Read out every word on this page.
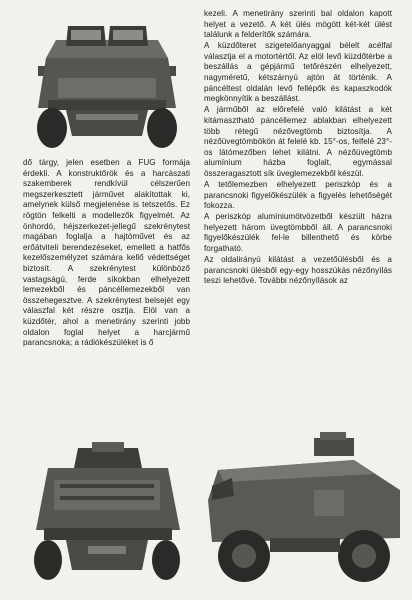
dő tárgy, jelen esetben a FUG formája érdekli. A konstruktőrök és a harcászati szakemberek rendkívül célszerűen megszerkesztett járművet alakítottak ki, amelynek külső megjelenése is tetszetős. Ez rögtön felkelti a modellezők figyelmét. Az önhordó, héjszerkezet-jellegű szekrénytest magában foglalja a hajtóművet és az erőátviteli berendezéseket, emellett a hatfős kezelőszemélyzet számára kellő védettséget biztosít. A szekrénytest különböző vastagságú, ferde síkokban elhelyezett lemezekből és páncéllemezekből van összehegesztve. A szekrénytest belsejét egy válaszfal két részre osztja. Elöl van a küzdőtér, ahol a menetirány szerinti jobb oldalon foglal helyet a harcjármű parancsnoka; a rádiókészüléket is ő

kezeli. A menetirány szerinti bal oldalon kapott helyet a vezető. A két ülés mögött két-két ülést találunk a felderítők számára.

A küzdőteret szigetelőanyaggal bélelt acélfal választja el a motortértől. Az elöl levő küzdőtérbe a beszállás a gépjármű tetőrészén elhelyezett, nagyméretű, kétszárnyú ajtón át történik. A páncéltest oldalán levő fellépők és kapaszkodók megkönnyítik a beszállást.

A járműből az előrefelé való kilátást a két kitámasztható páncéllemez ablakban elhelyezett több rétegű nézővegtömb biztosítja. A nézőüvegtömbökön át felelé kb. 15°-os, felfelé 23°-os látómezőben lehet kilátni. A nézőüvegtömb alumínium házba foglalt, egymással összeragasztott sík üveglemezekből készül.

A tetőlemezben elhelyezett periszkóp és a parancsnoki figyelőkészülék a figyelés lehetőségét fokozza.

A periszkóp alumíniumötvözetből készült házra helyezett három üvegtömbből áll. A parancsnoki figyelőkészülék fel-le billenthető és körbe forgatható.

Az oldalirányú kilátást a vezetőülésből és a parancsnoki ülésből egy-egy hosszúkás nézőnyílás teszi lehetővé. További nézőnyílások az
